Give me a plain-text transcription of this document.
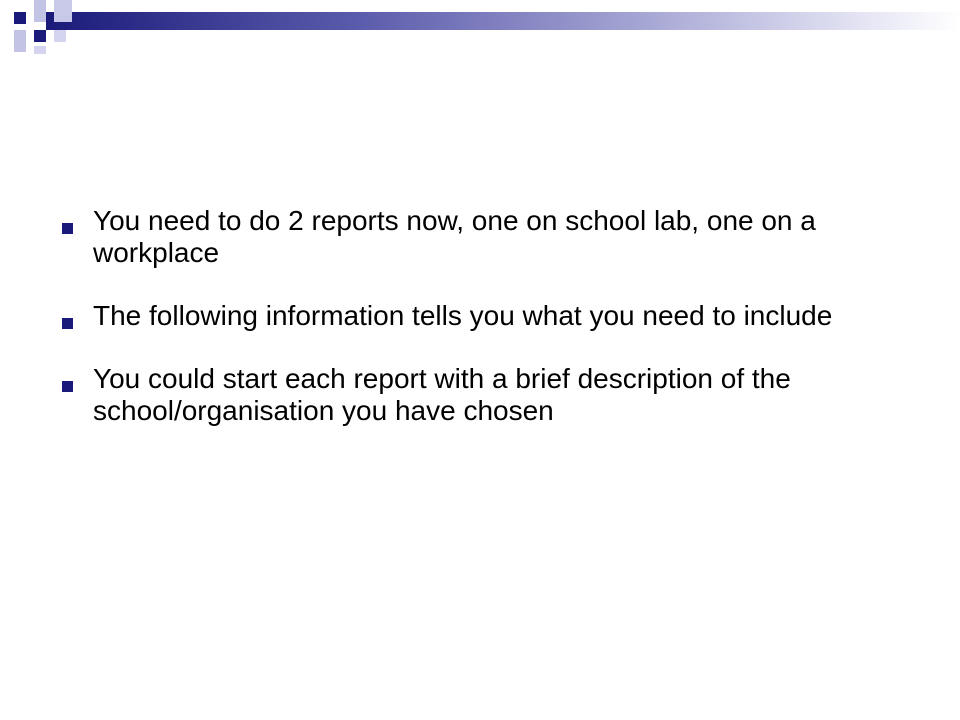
You need to do 2 reports now, one on school lab, one on a workplace
The following information tells you what you need to include
You could start each report with a brief description of the school/organisation you have chosen
